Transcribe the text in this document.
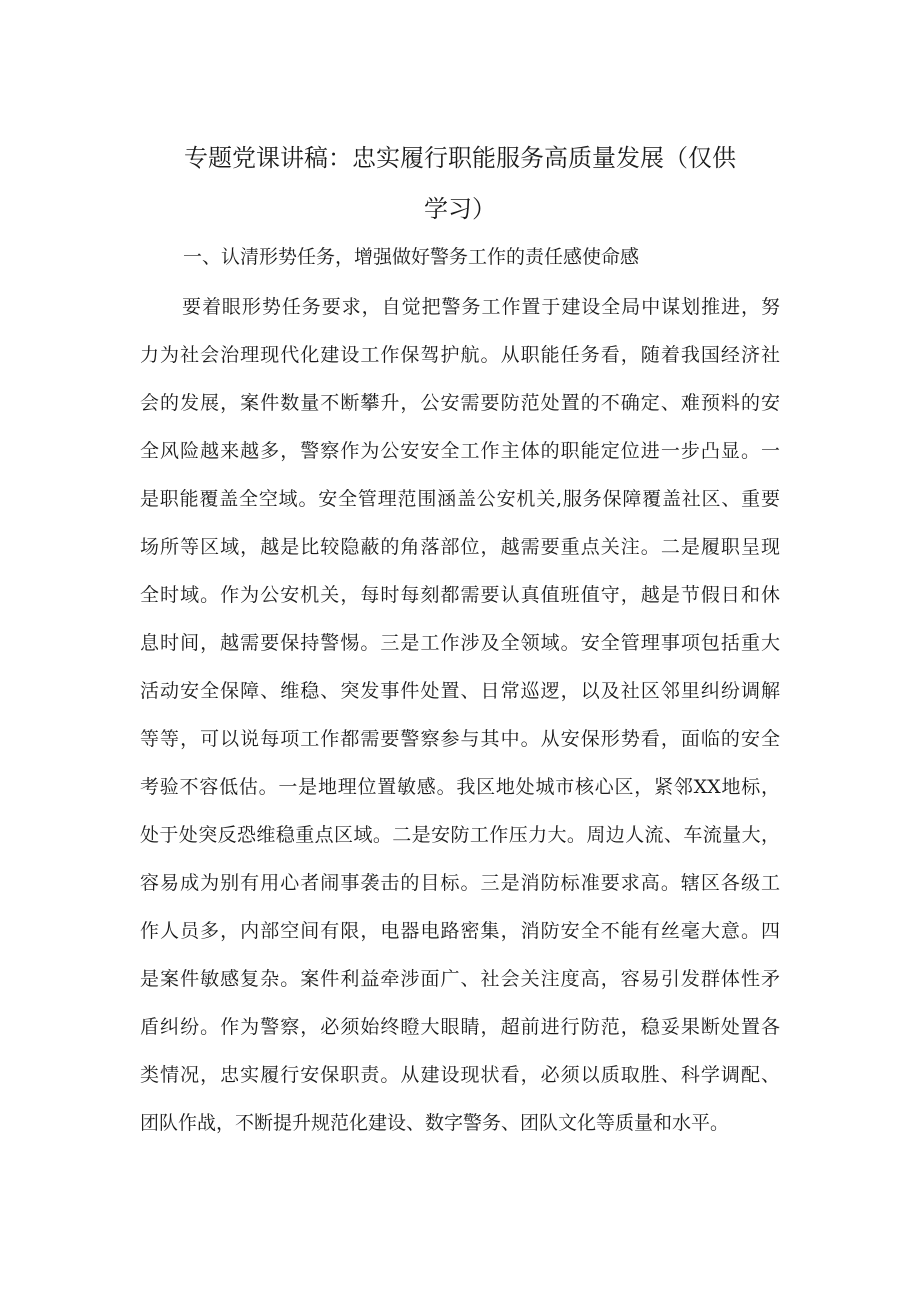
专题党课讲稿：忠实履行职能服务高质量发展（仅供
学习）
一、认清形势任务，增强做好警务工作的责任感使命感
要着眼形势任务要求，自觉把警务工作置于建设全局中谋划推进，努
力为社会治理现代化建设工作保驾护航。从职能任务看，随着我国经济社
会的发展，案件数量不断攀升，公安需要防范处置的不确定、难预料的安
全风险越来越多，警察作为公安安全工作主体的职能定位进一步凸显。一
是职能覆盖全空域。安全管理范围涵盖公安机关,服务保障覆盖社区、重要
场所等区域，越是比较隐蔽的角落部位，越需要重点关注。二是履职呈现
全时域。作为公安机关，每时每刻都需要认真值班值守，越是节假日和休
息时间，越需要保持警惕。三是工作涉及全领域。安全管理事项包括重大
活动安全保障、维稳、突发事件处置、日常巡逻，以及社区邻里纠纷调解
等等，可以说每项工作都需要警察参与其中。从安保形势看，面临的安全
考验不容低估。一是地理位置敏感。我区地处城市核心区，紧邻XX地标，
处于处突反恐维稳重点区域。二是安防工作压力大。周边人流、车流量大，
容易成为别有用心者闹事袭击的目标。三是消防标准要求高。辖区各级工
作人员多，内部空间有限，电器电路密集，消防安全不能有丝毫大意。四
是案件敏感复杂。案件利益牵涉面广、社会关注度高，容易引发群体性矛
盾纠纷。作为警察，必须始终瞪大眼睛，超前进行防范，稳妥果断处置各
类情况，忠实履行安保职责。从建设现状看，必须以质取胜、科学调配、
团队作战，不断提升规范化建设、数字警务、团队文化等质量和水平。
